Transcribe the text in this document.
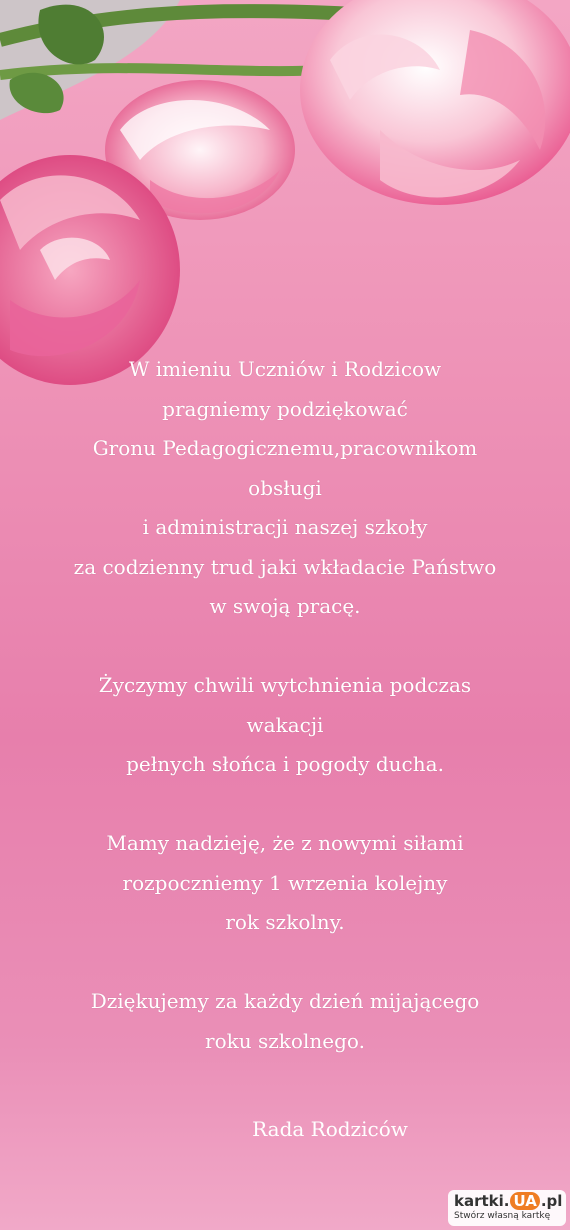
W imieniu Uczniów i Rodzicow
pragniemy podziękować
Gronu Pedagogicznemu,pracownikom
obsługi
i administracji naszej szkoły
za codzienny trud jaki wkładacie Państwo
w swoją pracę.
Życzymy chwili wytchnienia podczas
wakacji
pełnych słońca i pogody ducha.
Mamy nadzieję, że z nowymi siłami
rozpoczniemy 1 wrzenia kolejny
rok szkolny.
Dziękujemy za każdy dzień mijającego
roku szkolnego.
Rada Rodziców
kartki. UA .pl
Stwórz własną kartkę
